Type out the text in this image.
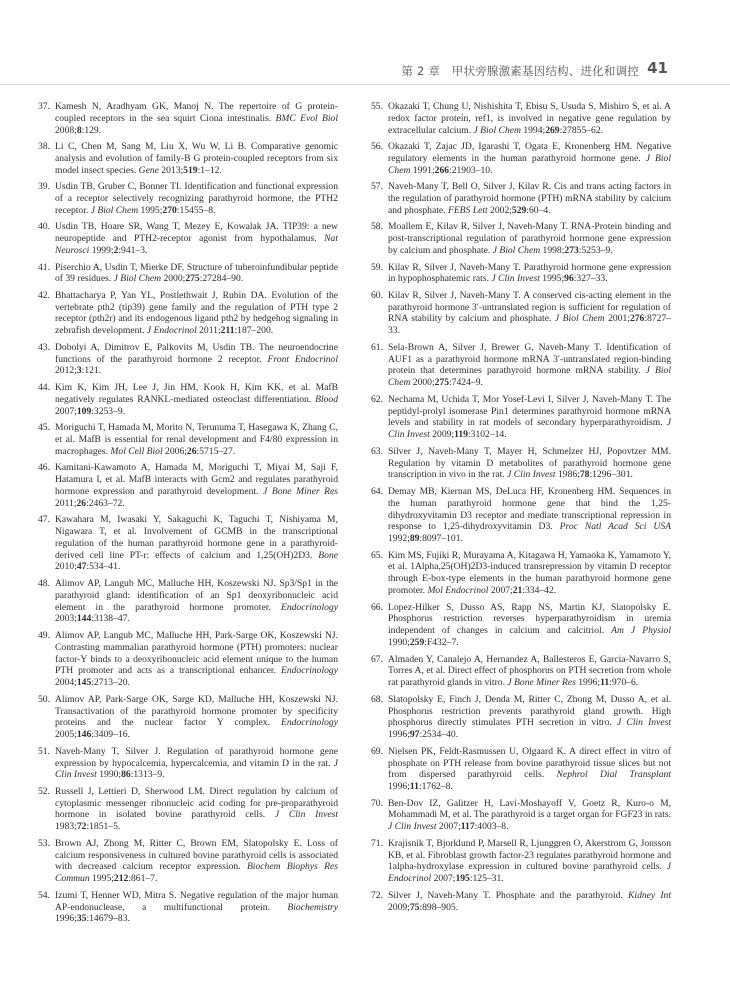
第 2 章　甲状旁腺激素基因结构、进化和调控 41
37. Kamesh N, Aradhyam GK, Manoj N. The repertoire of G protein-coupled receptors in the sea squirt Ciona intestinalis. BMC Evol Biol 2008;8:129.
38. Li C, Chen M, Sang M, Liu X, Wu W, Li B. Comparative genomic analysis and evolution of family-B G protein-coupled receptors from six model insect species. Gene 2013;519:1–12.
39. Usdin TB, Gruber C, Bonner TI. Identification and functional expression of a receptor selectively recognizing parathyroid hormone, the PTH2 receptor. J Biol Chem 1995;270:15455–8.
40. Usdin TB, Hoare SR, Wang T, Mezey E, Kowalak JA. TIP39: a new neuropeptide and PTH2-receptor agonist from hypothalamus. Nat Neurosci 1999;2:941–3.
41. Piserchio A, Usdin T, Mierke DF. Structure of tuberoinfundibular peptide of 39 residues. J Biol Chem 2000;275:27284–90.
42. Bhattacharya P, Yan YL, Postlethwait J, Rubin DA. Evolution of the vertebrate pth2 (tip39) gene family and the regulation of PTH type 2 receptor (pth2r) and its endogenous ligand pth2 by hedgehog signaling in zebrafish development. J Endocrinol 2011;211:187–200.
43. Dobolyi A, Dimitrov E, Palkovits M, Usdin TB. The neuroendocrine functions of the parathyroid hormone 2 receptor. Front Endocrinol 2012;3:121.
44. Kim K, Kim JH, Lee J, Jin HM, Kook H, Kim KK, et al. MafB negatively regulates RANKL-mediated osteoclast differentiation. Blood 2007;109:3253–9.
45. Moriguchi T, Hamada M, Morito N, Terunuma T, Hasegawa K, Zhang C, et al. MafB is essential for renal development and F4/80 expression in macrophages. Mol Cell Biol 2006;26:5715–27.
46. Kamitani-Kawamoto A, Hamada M, Moriguchi T, Miyai M, Saji F, Hatamura I, et al. MafB interacts with Gcm2 and regulates parathyroid hormone expression and parathyroid development. J Bone Miner Res 2011;26:2463–72.
47. Kawahara M, Iwasaki Y, Sakaguchi K, Taguchi T, Nishiyama M, Nigawara T, et al. Involvement of GCMB in the transcriptional regulation of the human parathyroid hormone gene in a parathyroid-derived cell line PT-r: effects of calcium and 1,25(OH)2D3. Bone 2010;47:534–41.
48. Alimov AP, Langub MC, Malluche HH, Koszewski NJ. Sp3/Sp1 in the parathyroid gland: identification of an Sp1 deoxyribonucleic acid element in the parathyroid hormone promoter. Endocrinology 2003;144:3138–47.
49. Alimov AP, Langub MC, Malluche HH, Park-Sarge OK, Koszewski NJ. Contrasting mammalian parathyroid hormone (PTH) promoters: nuclear factor-Y binds to a deoxyribonucleic acid element unique to the human PTH promoter and acts as a transcriptional enhancer. Endocrinology 2004;145:2713–20.
50. Alimov AP, Park-Sarge OK, Sarge KD, Malluche HH, Koszewski NJ. Transactivation of the parathyroid hormone promoter by specificity proteins and the nuclear factor Y complex. Endocrinology 2005;146:3409–16.
51. Naveh-Many T, Silver J. Regulation of parathyroid hormone gene expression by hypocalcemia, hypercalcemia, and vitamin D in the rat. J Clin Invest 1990;86:1313–9.
52. Russell J, Lettieri D, Sherwood LM. Direct regulation by calcium of cytoplasmic messenger ribonucleic acid coding for pre-proparathyroid hormone in isolated bovine parathyroid cells. J Clin Invest 1983;72:1851–5.
53. Brown AJ, Zhong M, Ritter C, Brown EM, Slatopolsky E. Loss of calcium responsiveness in cultured bovine parathyroid cells is associated with decreased calcium receptor expression. Biochem Biophys Res Commun 1995;212:861–7.
54. Izumi T, Henner WD, Mitra S. Negative regulation of the major human AP-endonuclease, a multifunctional protein. Biochemistry 1996;35:14679–83.
55. Okazaki T, Chung U, Nishishita T, Ebisu S, Usuda S, Mishiro S, et al. A redox factor protein, ref1, is involved in negative gene regulation by extracellular calcium. J Biol Chem 1994;269:27855–62.
56. Okazaki T, Zajac JD, Igarashi T, Ogata E, Kronenberg HM. Negative regulatory elements in the human parathyroid hormone gene. J Biol Chem 1991;266:21903–10.
57. Naveh-Many T, Bell O, Silver J, Kilav R. Cis and trans acting factors in the regulation of parathyroid hormone (PTH) mRNA stability by calcium and phosphate. FEBS Lett 2002;529:60–4.
58. Moallem E, Kilav R, Silver J, Naveh-Many T. RNA-Protein binding and post-transcriptional regulation of parathyroid hormone gene expression by calcium and phosphate. J Biol Chem 1998;273:5253–9.
59. Kilav R, Silver J, Naveh-Many T. Parathyroid hormone gene expression in hypophosphatemic rats. J Clin Invest 1995;96:327–33.
60. Kilav R, Silver J, Naveh-Many T. A conserved cis-acting element in the parathyroid hormone 3′-untranslated region is sufficient for regulation of RNA stability by calcium and phosphate. J Biol Chem 2001;276:8727–33.
61. Sela-Brown A, Silver J, Brewer G, Naveh-Many T. Identification of AUF1 as a parathyroid hormone mRNA 3′-untranslated region-binding protein that determines parathyroid hormone mRNA stability. J Biol Chem 2000;275:7424–9.
62. Nechama M, Uchida T, Mor Yosef-Levi I, Silver J, Naveh-Many T. The peptidyl-prolyl isomerase Pin1 determines parathyroid hormone mRNA levels and stability in rat models of secondary hyperparathyroidism. J Clin Invest 2009;119:3102–14.
63. Silver J, Naveh-Many T, Mayer H, Schmelzer HJ, Popovtzer MM. Regulation by vitamin D metabolites of parathyroid hormone gene transcription in vivo in the rat. J Clin Invest 1986;78:1296–301.
64. Demay MB, Kiernan MS, DeLuca HF, Kronenberg HM. Sequences in the human parathyroid hormone gene that bind the 1,25-dihydroxyvitamin D3 receptor and mediate transcriptional repression in response to 1,25-dihydroxyvitamin D3. Proc Natl Acad Sci USA 1992;89:8097–101.
65. Kim MS, Fujiki R, Murayama A, Kitagawa H, Yamaoka K, Yamamoto Y, et al. 1Alpha,25(OH)2D3-induced transrepression by vitamin D receptor through E-box-type elements in the human parathyroid hormone gene promoter. Mol Endocrinol 2007;21:334–42.
66. Lopez-Hilker S, Dusso AS, Rapp NS, Martin KJ, Slatopolsky E. Phosphorus restriction reverses hyperparathyroidism in uremia independent of changes in calcium and calcitriol. Am J Physiol 1990;259:F432–7.
67. Almaden Y, Canalejo A, Hernandez A, Ballesteros E, Garcia-Navarro S, Torres A, et al. Direct effect of phosphorus on PTH secretion from whole rat parathyroid glands in vitro. J Bone Miner Res 1996;11:970–6.
68. Slatopolsky E, Finch J, Denda M, Ritter C, Zhong M, Dusso A, et al. Phosphorus restriction prevents parathyroid gland growth. High phosphorus directly stimulates PTH secretion in vitro. J Clin Invest 1996;97:2534–40.
69. Nielsen PK, Feldt-Rasmussen U, Olgaard K. A direct effect in vitro of phosphate on PTH release from bovine parathyroid tissue slices but not from dispersed parathyroid cells. Nephrol Dial Transplant 1996;11:1762–8.
70. Ben-Dov IZ, Galitzer H, Lavi-Moshayoff V, Goetz R, Kuro-o M, Mohammadi M, et al. The parathyroid is a target organ for FGF23 in rats. J Clin Invest 2007;117:4003–8.
71. Krajisnik T, Bjorklund P, Marsell R, Ljunggren O, Akerstrom G, Jonsson KB, et al. Fibroblast growth factor-23 regulates parathyroid hormone and 1alpha-hydroxylase expression in cultured bovine parathyroid cells. J Endocrinol 2007;195:125–31.
72. Silver J, Naveh-Many T. Phosphate and the parathyroid. Kidney Int 2009;75:898–905.
